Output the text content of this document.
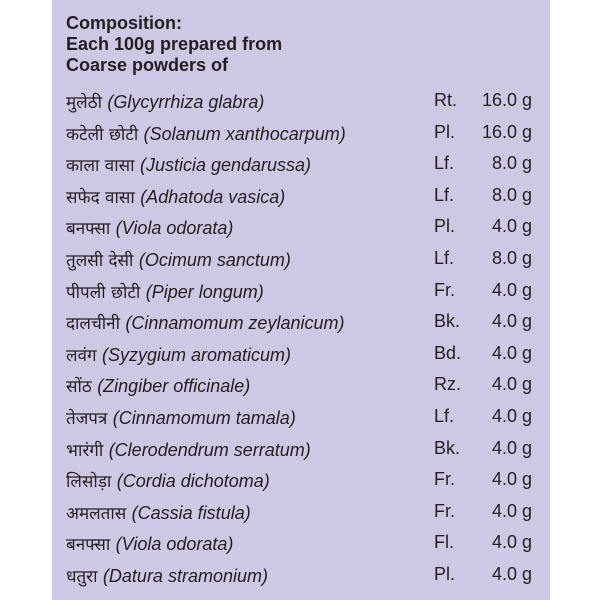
Composition:
Each 100g prepared from
Coarse powders of
मुलेठी (Glycyrrhiza glabra)	Rt. 16.0 g
कटेली छोटी (Solanum xanthocarpum)	Pl. 16.0 g
काला वासा (Justicia gendarussa)	Lf. 8.0 g
सफेद वासा (Adhatoda vasica)	Lf. 8.0 g
बनफ्सा (Viola odorata)	Pl. 4.0 g
तुलसी देसी (Ocimum sanctum)	Lf. 8.0 g
पीपली छोटी (Piper longum)	Fr. 4.0 g
दालचीनी (Cinnamomum zeylanicum)	Bk. 4.0 g
लवंग (Syzygium aromaticum)	Bd. 4.0 g
सोंठ (Zingiber officinale)	Rz. 4.0 g
तेजपत्र (Cinnamomum tamala)	Lf. 4.0 g
भारंगी (Clerodendrum serratum)	Bk. 4.0 g
लिसोड़ा (Cordia dichotoma)	Fr. 4.0 g
अमलतास (Cassia fistula)	Fr. 4.0 g
बनफ्सा (Viola odorata)	Fl. 4.0 g
धतुरा (Datura stramonium)	Pl. 4.0 g
